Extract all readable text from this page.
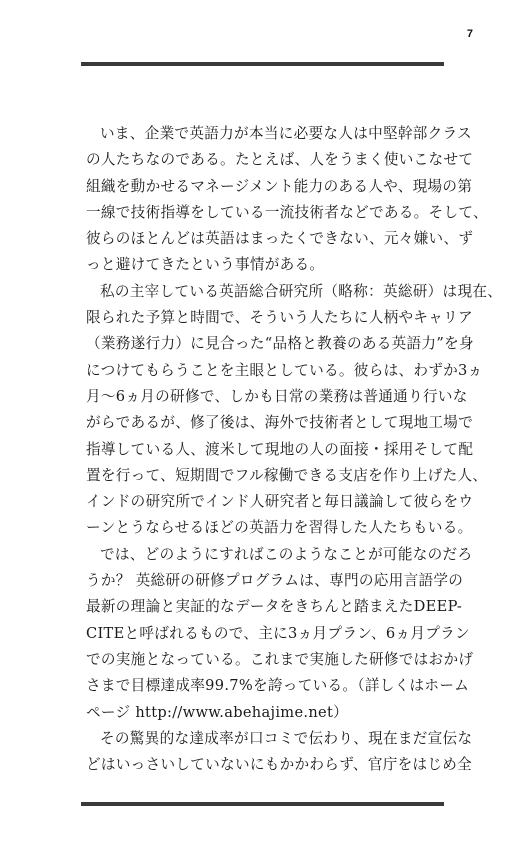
7
いま、企業で英語力が本当に必要な人は中堅幹部クラス
の人たちなのである。たとえば、人をうまく使いこなせて
組織を動かせるマネージメント能力のある人や、現場の第
一線で技術指導をしている一流技術者などである。そして、
彼らのほとんどは英語はまったくできない、元々嫌い、ず
っと避けてきたという事情がある。
私の主宰している英語総合研究所（略称：英総研）は現在、
限られた予算と時間で、そういう人たちに人柄やキャリア
（業務遂行力）に見合った“品格と教養のある英語力”を身
につけてもらうことを主眼としている。彼らは、わずか3ヵ
月～6ヵ月の研修で、しかも日常の業務は普通通り行いな
がらであるが、修了後は、海外で技術者として現地工場で
指導している人、渡米して現地の人の面接・採用そして配
置を行って、短期間でフル稼働できる支店を作り上げた人、
インドの研究所でインド人研究者と毎日議論して彼らをウ
ーンとうならせるほどの英語力を習得した人たちもいる。
では、どのようにすればこのようなことが可能なのだろ
うか？ 英総研の研修プログラムは、専門の応用言語学の
最新の理論と実証的なデータをきちんと踏まえたDEEP-
CITEと呼ばれるもので、主に3ヵ月プラン、6ヵ月プラン
での実施となっている。これまで実施した研修ではおかげ
さまで目標達成率99.7%を誇っている。（詳しくはホーム
ページ http://www.abehajime.net）
その驚異的な達成率が口コミで伝わり、現在まだ宣伝な
どはいっさいしていないにもかかわらず、官庁をはじめ全
